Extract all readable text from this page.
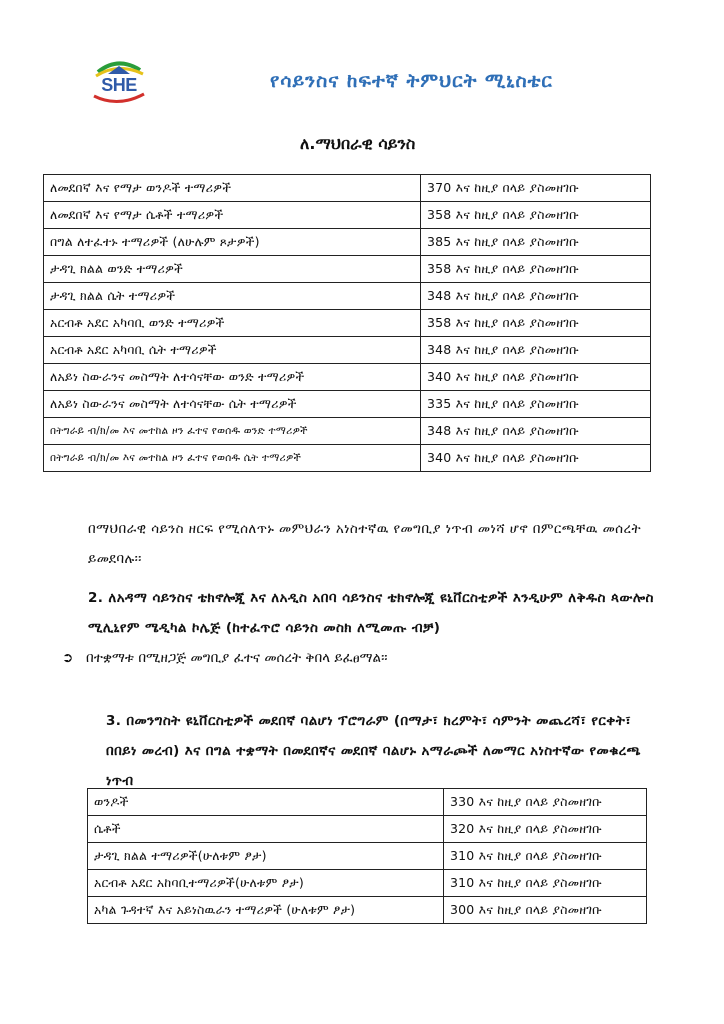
SHE	የሳይንስና ከፍተኛ ትምህርት ሚኒስቴር
ለ.ማህበራዊ ሳይንስ
ለመደበኛ እና የማታ ወንዶች ተማሪዎች	370 እና ከዚያ በላይ ያስመዘገቡ
ለመደበኛ እና የማታ ሴቶች ተማሪዎች	358 እና ከዚያ በላይ ያስመዘገቡ
በግል ለተፈተኑ ተማሪዎች (ለሁሉም ጾታዎች)	385 እና ከዚያ በላይ ያስመዘገቡ
ታዳጊ ክልል ወንድ ተማሪዎች	358 እና ከዚያ በላይ ያስመዘገቡ
ታዳጊ ክልል ሴት ተማሪዎች	348 እና ከዚያ በላይ ያስመዘገቡ
አርብቶ አደር አካባቢ ወንድ ተማሪዎች	358 እና ከዚያ በላይ ያስመዘገቡ
አርብቶ አደር አካባቢ ሴት ተማሪዎች	348 እና ከዚያ በላይ ያስመዘገቡ
ለአይነ ስውራንና መስማት ለተሳናቸው ወንድ ተማሪዎች	340 እና ከዚያ በላይ ያስመዘገቡ
ለአይነ ስውራንና መስማት ለተሳናቸው ሴት ተማሪዎች	335 እና ከዚያ በላይ ያስመዘገቡ
በትግራይ ብ/ክ/መ እና መተከል ዞን ፈተና የወሰዱ ወንድ ተማሪዎች	348 እና ከዚያ በላይ ያስመዘገቡ
በትግራይ ብ/ክ/መ እና መተከል ዞን ፈተና የወሰዱ ሴት ተማሪዎች	340 እና ከዚያ በላይ ያስመዘገቡ
በማህበራዊ ሳይንስ ዘርፍ የሚሰለጥኑ መምህራን አነስተኛዉ የመግቢያ ነጥብ መነሻ ሆኖ በምርጫቸዉ መሰረት ይመደባሉ፡፡
2. ለአዳማ ሳይንስና ቴክኖሎጂ እና ለአዲስ አበባ ሳይንስና ቴክኖሎጂ ዩኒቨርስቲዎች እንዲሁም ለቅዱስ ጳውሎስ ሚሊኒየም ሜዲካል ኮሌጅ (ከተፈጥሮ ሳይንስ መስክ ለሚመጡ ብቻ)
➲ በተቋማቱ በሚዘጋጅ መግቢያ ፈተና መሰረት ቅበላ ይፈፀማል፡፡
3. በመንግስት ዩኒቨርስቲዎች መደበኛ ባልሆነ ፕሮግራም (በማታ፣ ክረምት፣ ሳምንት መጨረሻ፣ የርቀት፣ በበይነ መረብ) እና በግል ተቋማት በመደበኛና መደበኛ ባልሆኑ አማራጮች ለመማር አነስተኛው የመቁረጫ ነጥብ
ወንዶች	330 እና ከዚያ በላይ ያስመዘገቡ
ሴቶች	320 እና ከዚያ በላይ ያስመዘገቡ
ታዳጊ ክልል ተማሪዎች(ሁለቱም ፆታ)	310 እና ከዚያ በላይ ያስመዘገቡ
አርብቶ አደር አከባቢተማሪዎች(ሁለቱም ፆታ)	310 እና ከዚያ በላይ ያስመዘገቡ
አካል ጉዳተኛ እና አይነስዉራን ተማሪዎች (ሁለቱም ፆታ)	300 እና ከዚያ በላይ ያስመዘገቡ
